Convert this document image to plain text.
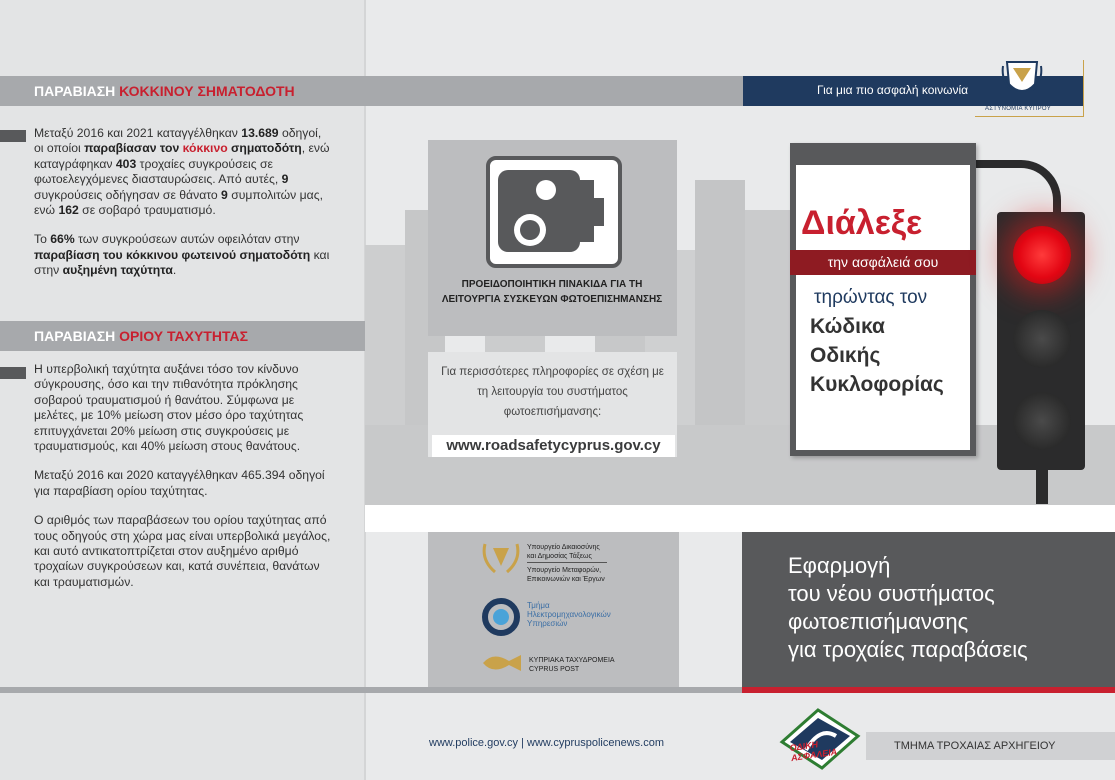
ΠΑΡΑΒΙΑΣΗ ΚΟΚΚΙΝΟΥ ΣΗΜΑΤΟΔΟΤΗ
Μεταξύ 2016 και 2021 καταγγέλθηκαν 13.689 οδηγοί, οι οποίοι παραβίασαν τον κόκκινο σηματοδότη, ενώ καταγράφηκαν 403 τροχαίες συγκρούσεις σε φωτοελεγχόμενες διασταυρώσεις. Από αυτές, 9 συγκρούσεις οδήγησαν σε θάνατο 9 συμπολιτών μας, ενώ 162 σε σοβαρό τραυματισμό.
Το 66% των συγκρούσεων αυτών οφειλόταν στην παραβίαση του κόκκινου φωτεινού σηματοδότη και στην αυξημένη ταχύτητα.
ΠΑΡΑΒΙΑΣΗ ΟΡΙΟΥ ΤΑΧΥΤΗΤΑΣ
Η υπερβολική ταχύτητα αυξάνει τόσο τον κίνδυνο σύγκρουσης, όσο και την πιθανότητα πρόκλησης σοβαρού τραυματισμού ή θανάτου. Σύμφωνα με μελέτες, με 10% μείωση στον μέσο όρο ταχύτητας επιτυγχάνεται 20% μείωση στις συγκρούσεις με τραυματισμούς, και 40% μείωση στους θανάτους.
Μεταξύ 2016 και 2020 καταγγέλθηκαν 465.394 οδηγοί για παραβίαση ορίου ταχύτητας.
Ο αριθμός των παραβάσεων του ορίου ταχύτητας από τους οδηγούς στη χώρα μας είναι υπερβολικά μεγάλος, και αυτό αντικατοπτρίζεται στον αυξημένο αριθμό τροχαίων συγκρούσεων και, κατά συνέπεια, θανάτων και τραυματισμών.
Για μια πιο ασφαλή κοινωνία
ΑΣΤΥΝΟΜΙΑ ΚΥΠΡΟΥ
ΠΡΟΕΙΔΟΠΟΙΗΤΙΚΗ ΠΙΝΑΚΙΔΑ ΓΙΑ ΤΗ ΛΕΙΤΟΥΡΓΙΑ ΣΥΣΚΕΥΩΝ ΦΩΤΟΕΠΙΣΗΜΑΝΣΗΣ
Για περισσότερες πληροφορίες σε σχέση με τη λειτουργία του συστήματος φωτοεπισήμανσης:
www.roadsafetycyprus.gov.cy
Διάλεξε
την ασφάλειά σου
τηρώντας τον
Κώδικα
Οδικής
Κυκλοφορίας
Υπουργείο Δικαιοσύνης
και Δημοσίας Τάξεως
Υπουργείο Μεταφορών,
Επικοινωνιών και Έργων
Τμήμα
Ηλεκτρομηχανολογικών
Υπηρεσιών
ΚΥΠΡΙΑΚΑ ΤΑΧΥΔΡΟΜΕΙΑ
CYPRUS POST
Εφαρμογή
του νέου συστήματος
φωτοεπισήμανσης
για τροχαίες παραβάσεις
www.police.gov.cy | www.cypruspolicenews.com	ΤΜΗΜΑ ΤΡΟΧΑΙΑΣ ΑΡΧΗΓΕΙΟΥ
ΟΔΙΚΗ ΑΣΦΑΛΕΙΑ
